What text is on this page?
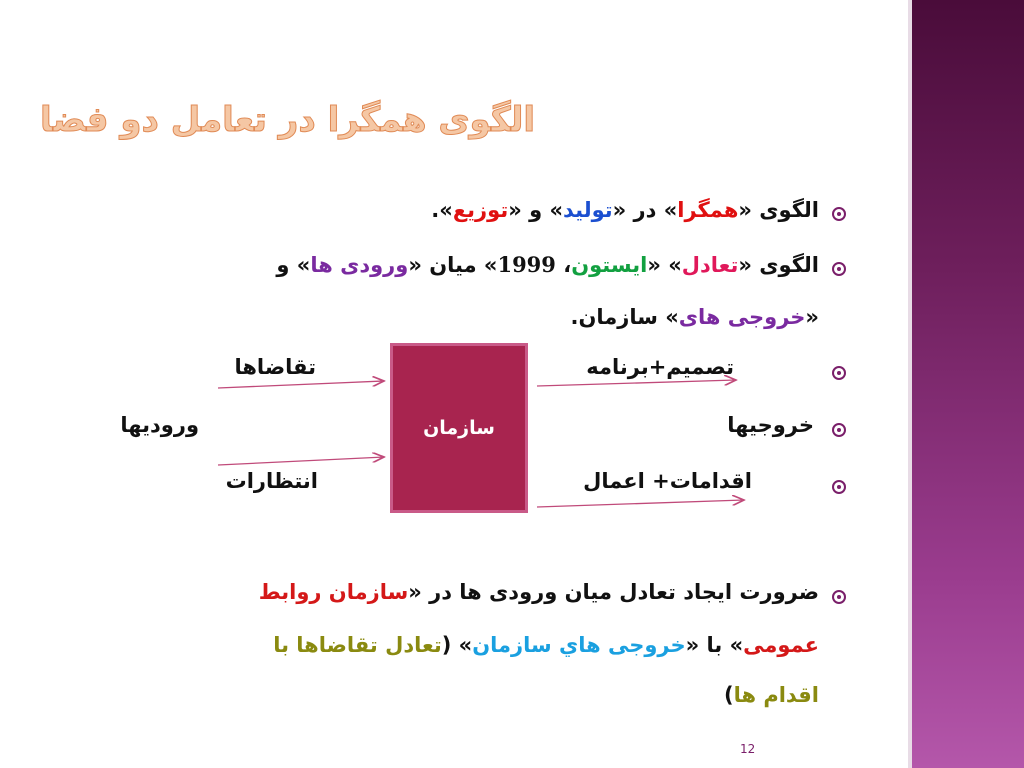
الگوی همگرا در تعامل دو فضا
الگوی «همگرا» در «تولید» و «توزیع».
الگوی «تعادل» «ایستون، 1999» میان «ورودی ها» و
«خروجی های» سازمان.
تصمیم+برنامه
خروجیها
اقدامات+ اعمال
سازمان
تقاضاها
ورودیها
انتظارات
ضرورت ایجاد تعادل میان ورودی ها در «سازمان روابط
عمومی» با «خروجی هاي سازمان» (تعادل تقاضاها با
اقدام ها)
12
